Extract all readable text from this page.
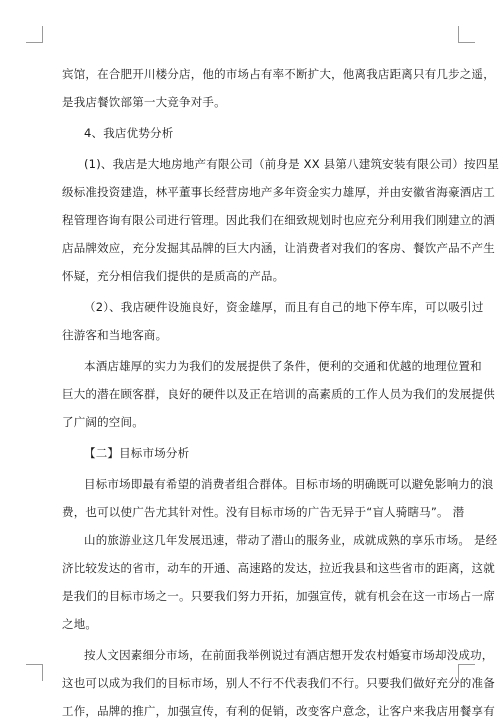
宾馆，在合肥开川楼分店，他的市场占有率不断扩大，他离我店距离只有几步之遥，
是我店餐饮部第一大竞争对手。
4、我店优势分析
(1)、我店是大地房地产有限公司（前身是 XX 县第八建筑安装有限公司）按四星
级标准投资建造，林平董事长经营房地产多年资金实力雄厚，并由安徽省海豪酒店工
程管理咨询有限公司进行管理。因此我们在细致规划时也应充分利用我们刚建立的酒
店品牌效应，充分发掘其品牌的巨大内涵，让消费者对我们的客房、餐饮产品不产生
怀疑，充分相信我们提供的是质高的产品。
（2）、我店硬件设施良好，资金雄厚，而且有自己的地下停车库，可以吸引过
往游客和当地客商。
本酒店雄厚的实力为我们的发展提供了条件，便利的交通和优越的地理位置和
巨大的潜在顾客群，良好的硬件以及正在培训的高素质的工作人员为我们的发展提供
了广阔的空间。
【二】目标市场分析
目标市场即最有希望的消费者组合群体。目标市场的明确既可以避免影响力的浪
费，也可以使广告尤其针对性。没有目标市场的广告无异于“盲人骑瞎马”。 潜
山的旅游业这几年发展迅速，带动了潜山的服务业，成就成熟的享乐市场。 是经
济比较发达的省市，动车的开通、高速路的发达，拉近我县和这些省市的距离，这就
是我们的目标市场之一。只要我们努力开拓，加强宣传，就有机会在这一市场占一席
之地。
按人文因素细分市场，在前面我举例说过有酒店想开发农村婚宴市场却没成功，
这也可以成为我们的目标市场，别人不行不代表我们不行。只要我们做好充分的准备
工作，品牌的推广，加强宣传，有利的促销，改变客户意念，让客户来我店用餐享有
